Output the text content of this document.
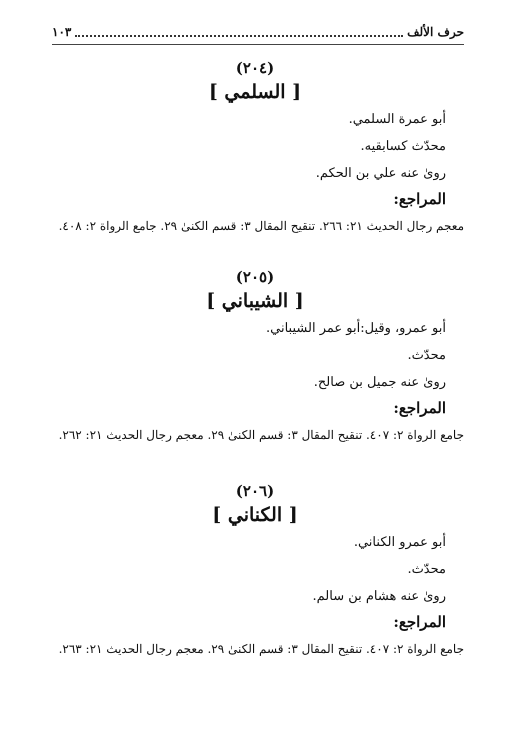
حرف الألف
١٠٣
(٢٠٤)
[ السلمي ]
أبو عمرة السلمي.
محدّث كسابقيه.
رویٰ عنه علي بن الحكم.
المراجع:
معجم رجال الحديث ٢١: ٢٦٦. تنقيح المقال ٣: قسم الكنىٰ ٢٩. جامع الرواة ٢: ٤٠٨.
(٢٠٥)
[ الشيباني ]
أبو عمرو، وقيل:أبو عمر الشيباني.
محدّث.
رویٰ عنه جميل بن صالح.
المراجع:
جامع الرواة ٢: ٤٠٧. تنقيح المقال ٣: قسم الكنىٰ ٢٩. معجم رجال الحديث ٢١: ٢٦٢.
(٢٠٦)
[ الكناني ]
أبو عمرو الكناني.
محدّث.
رویٰ عنه هشام بن سالم.
المراجع:
جامع الرواة ٢: ٤٠٧. تنقيح المقال ٣: قسم الكنىٰ ٢٩. معجم رجال الحديث ٢١: ٢٦٣.
